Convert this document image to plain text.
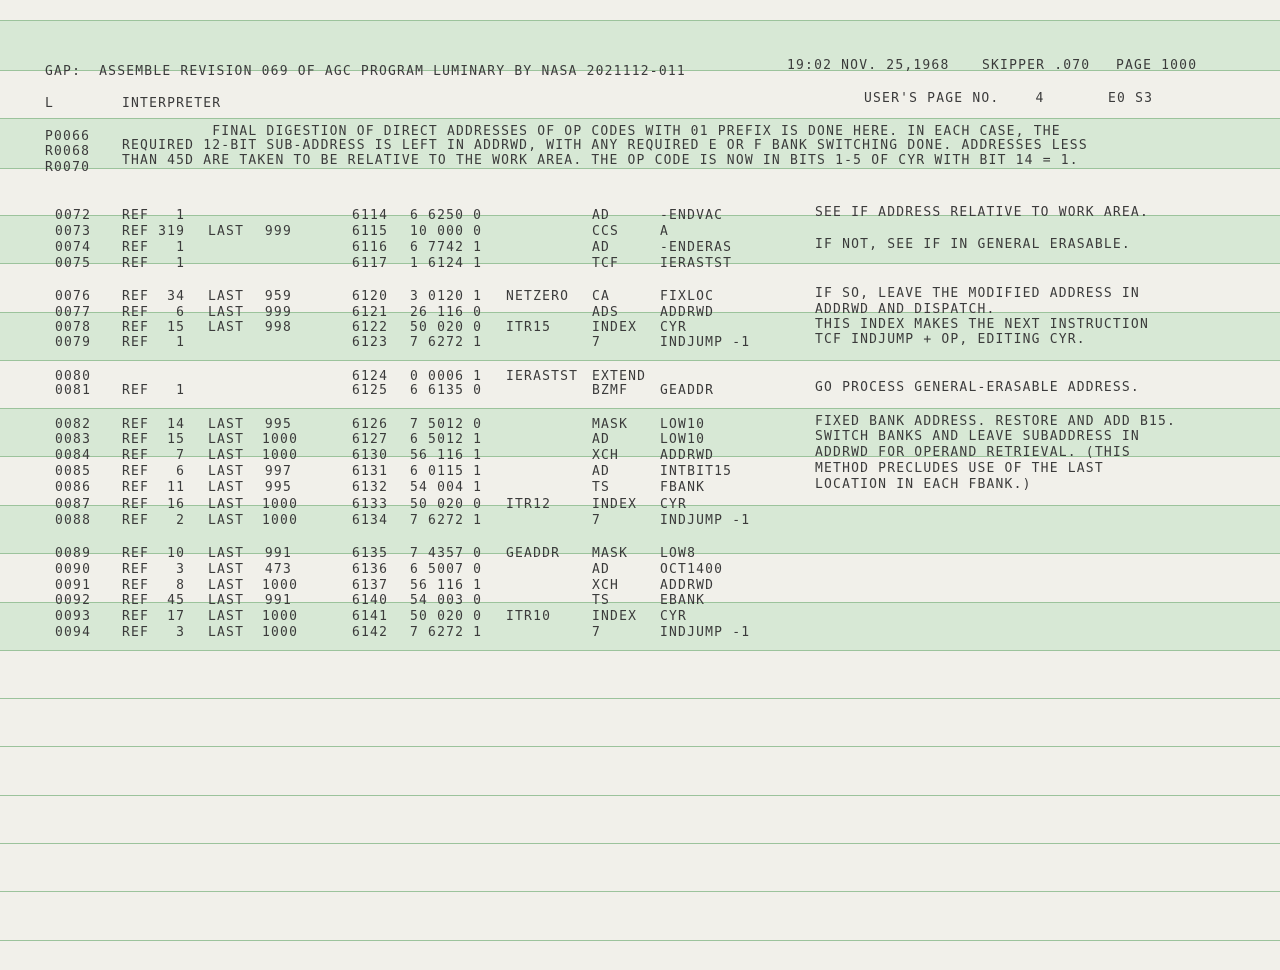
GAP:  ASSEMBLE REVISION 069 OF AGC PROGRAM LUMINARY BY NASA 2021112-011	19:02 NOV. 25,1968	SKIPPER .070 PAGE 1000
L	INTERPRETER	USER'S PAGE NO.    4	E0 S3
P0066 FINAL DIGESTION OF DIRECT ADDRESSES OF OP CODES WITH 01 PREFIX IS DONE HERE. IN EACH CASE, THE
R0068 REQUIRED 12-BIT SUB-ADDRESS IS LEFT IN ADDRWD, WITH ANY REQUIRED E OR F BANK SWITCHING DONE. ADDRESSES LESS
R0070 THAN 45D ARE TAKEN TO BE RELATIVE TO THE WORK AREA. THE OP CODE IS NOW IN BITS 1-5 OF CYR WITH BIT 14 = 1.
0072 REF   1	6114 6 6250 0	AD	-ENDVAC	SEE IF ADDRESS RELATIVE TO WORK AREA.
0073 REF 319 LAST 999	6115 10 000 0	CCS	A
0074 REF   1	6116 6 7742 1	AD	-ENDERAS	IF NOT, SEE IF IN GENERAL ERASABLE.
0075 REF   1	6117 1 6124 1	TCF	IERASTST
0076 REF  34 LAST 959	6120 3 0120 1 NETZERO CA	FIXLOC	IF SO, LEAVE THE MODIFIED ADDRESS IN
0077 REF   6 LAST 999	6121 26 116 0	ADS	ADDRWD	ADDRWD AND DISPATCH.
0078 REF  15 LAST 998	6122 50 020 0 ITR15	INDEX CYR	THIS INDEX MAKES THE NEXT INSTRUCTION
0079 REF   1	6123 7 6272 1	7	INDJUMP -1	TCF INDJUMP + OP, EDITING CYR.
0080	6124 0 0006 1 IERASTST EXTEND
0081 REF   1	6125 6 6135 0	BZMF GEADDR	GO PROCESS GENERAL-ERASABLE ADDRESS.
0082 REF  14 LAST 995	6126 7 5012 0	MASK LOW10	FIXED BANK ADDRESS. RESTORE AND ADD B15.
0083 REF  15 LAST 1000	6127 6 5012 1	AD	LOW10	SWITCH BANKS AND LEAVE SUBADDRESS IN
0084 REF   7 LAST 1000	6130 56 116 1	XCH	ADDRWD	ADDRWD FOR OPERAND RETRIEVAL. (THIS
0085 REF   6 LAST 997	6131 6 0115 1	AD	INTBIT15	METHOD PRECLUDES USE OF THE LAST
0086 REF  11 LAST 995	6132 54 004 1	TS	FBANK	LOCATION IN EACH FBANK.)
0087 REF  16 LAST 1000	6133 50 020 0 ITR12	INDEX CYR
0088 REF   2 LAST 1000	6134 7 6272 1	7	INDJUMP -1
0089 REF  10 LAST 991	6135 7 4357 0 GEADDR MASK LOW8
0090 REF   3 LAST 473	6136 6 5007 0	AD	OCT1400
0091 REF   8 LAST 1000	6137 56 116 1	XCH	ADDRWD
0092 REF  45 LAST 991	6140 54 003 0	TS	EBANK
0093 REF  17 LAST 1000	6141 50 020 0 ITR10	INDEX CYR
0094 REF   3 LAST 1000	6142 7 6272 1	7	INDJUMP -1
